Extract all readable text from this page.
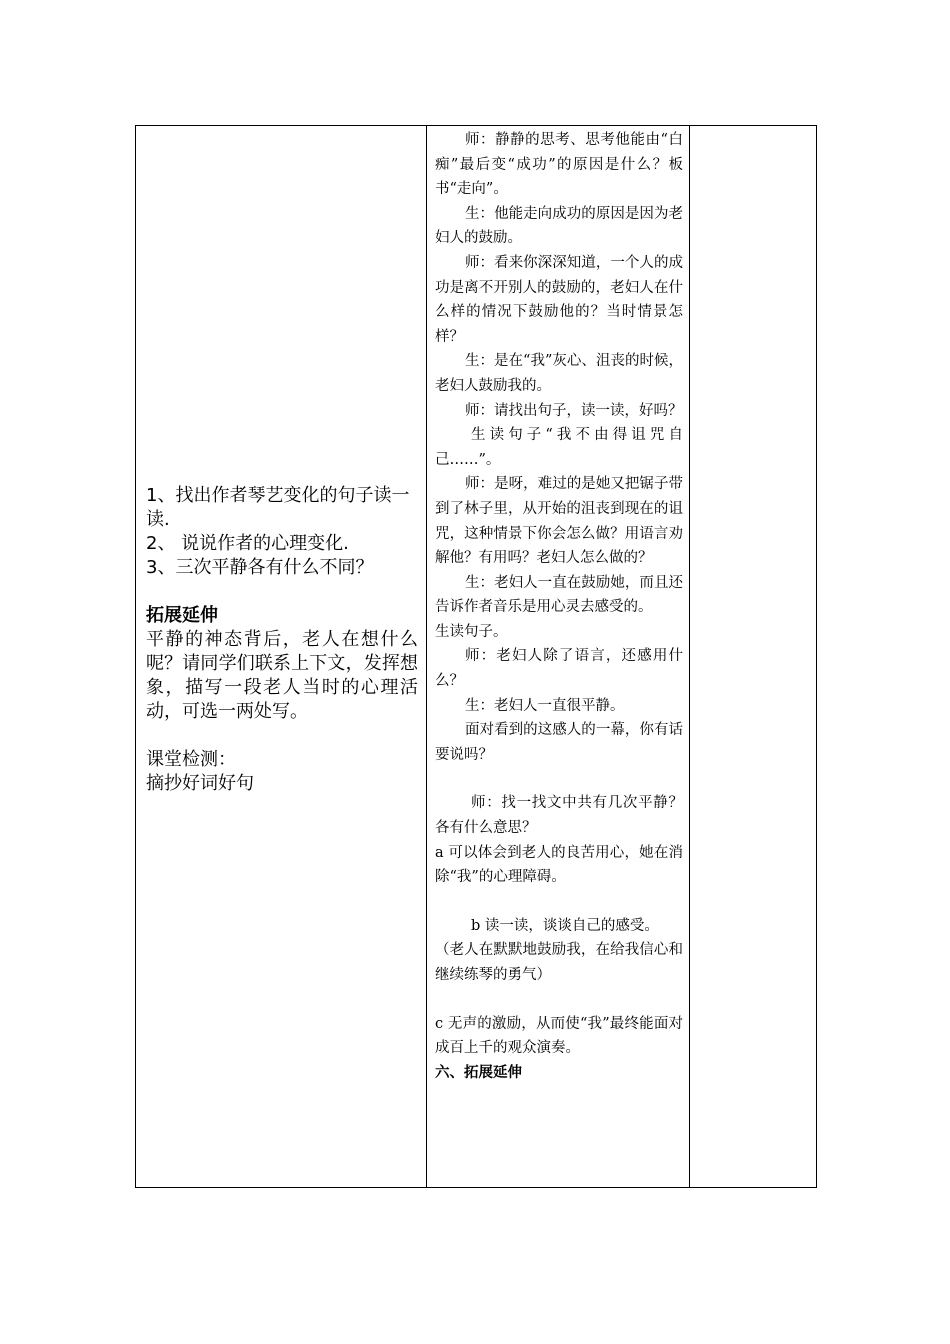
1、找出作者琴艺变化的句子读一读.

2、 说说作者的心理变化.

3、三次平静各有什么不同？

拓展延伸

平静的神态背后，老人在想什么呢？请同学们联系上下文，发挥想象，描写一段老人当时的心理活动，可选一两处写。

课堂检测：

摘抄好词好句

师：静静的思考、思考他能由“白痴”最后变“成功”的原因是什么？板书“走向”。

生：他能走向成功的原因是因为老妇人的鼓励。

师：看来你深深知道，一个人的成功是离不开别人的鼓励的，老妇人在什么样的情况下鼓励他的？当时情景怎样？

生：是在“我”灰心、沮丧的时候，老妇人鼓励我的。

师：请找出句子，读一读，好吗？

生读句子“我不由得诅咒自己……”。

师：是呀，难过的是她又把锯子带到了林子里，从开始的沮丧到现在的诅咒，这种情景下你会怎么做？用语言劝解他？有用吗？老妇人怎么做的？

生：老妇人一直在鼓励她，而且还告诉作者音乐是用心灵去感受的。

生读句子。

师：老妇人除了语言，还感用什么？

生：老妇人一直很平静。

面对看到的这感人的一幕，你有话要说吗？

师：找一找文中共有几次平静？各有什么意思？

a 可以体会到老人的良苦用心，她在消除“我”的心理障碍。

b 读一读，谈谈自己的感受。

（老人在默默地鼓励我，在给我信心和继续练琴的勇气）

c 无声的激励，从而使“我”最终能面对成百上千的观众演奏。

六、拓展延伸
